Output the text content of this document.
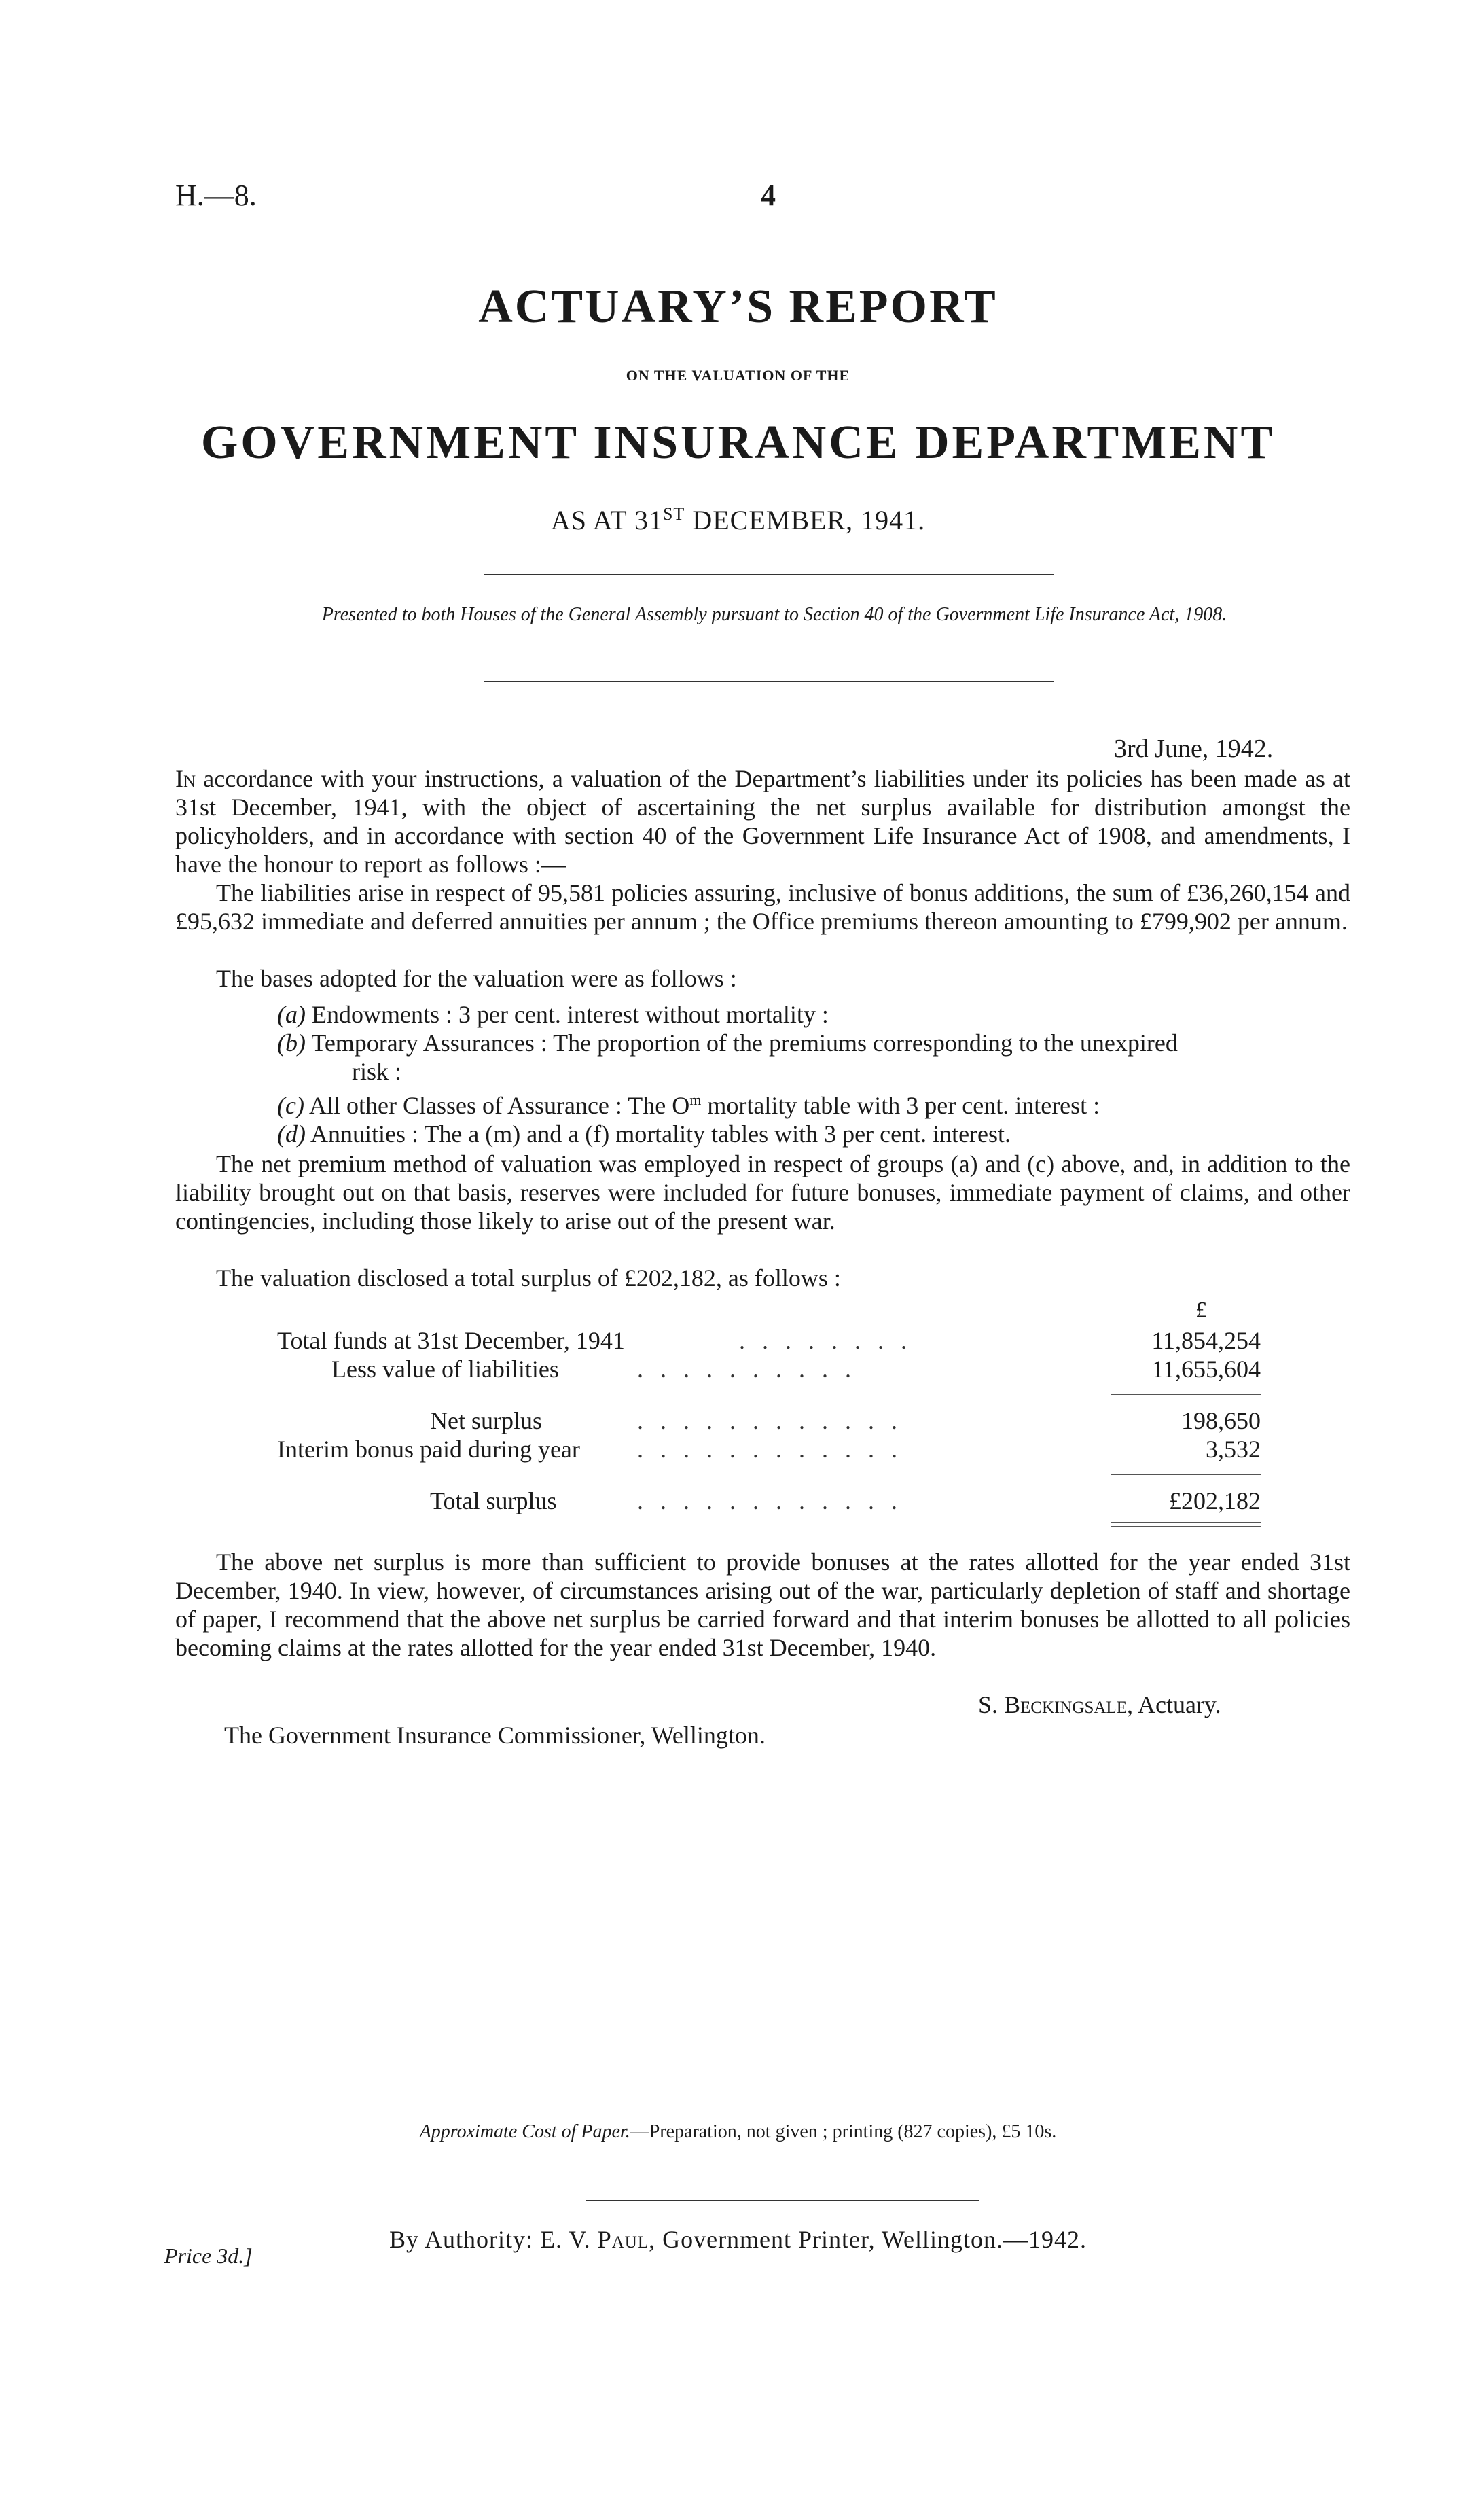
H.—8.	4
ACTUARY’S REPORT
ON THE VALUATION OF THE
GOVERNMENT INSURANCE DEPARTMENT
AS AT 31ST DECEMBER, 1941.
Presented to both Houses of the General Assembly pursuant to Section 40 of the Government Life Insurance Act, 1908.
3rd June, 1942.
In accordance with your instructions, a valuation of the Department’s liabilities under its policies has been made as at 31st December, 1941, with the object of ascertaining the net surplus available for distribution amongst the policyholders, and in accordance with section 40 of the Government Life Insurance Act of 1908, and amendments, I have the honour to report as follows :—
The liabilities arise in respect of 95,581 policies assuring, inclusive of bonus additions, the sum of £36,260,154 and £95,632 immediate and deferred annuities per annum ; the Office premiums thereon amounting to £799,902 per annum.
The bases adopted for the valuation were as follows :
(a) Endowments : 3 per cent. interest without mortality :
(b) Temporary Assurances : The proportion of the premiums corresponding to the unexpired
risk :
(c) All other Classes of Assurance : The $O^m$ mortality table with 3 per cent. interest :
(d) Annuities : The a (m) and a (f) mortality tables with 3 per cent. interest.
The net premium method of valuation was employed in respect of groups (a) and (c) above, and, in addition to the liability brought out on that basis, reserves were included for future bonuses, immediate payment of claims, and other contingencies, including those likely to arise out of the present war.
The valuation disclosed a total surplus of £202,182, as follows :
£
Total funds at 31st December, 1941	. . . . . . . .	11,854,254
Less value of liabilities	. . . . . . . . . .	11,655,604
Net surplus	. . . . . . . . . . . .	198,650
Interim bonus paid during year . . . . . . . . . . . .	3,532
Total surplus	. . . . . . . . . . . .	£202,182
The above net surplus is more than sufficient to provide bonuses at the rates allotted for the year ended 31st December, 1940. In view, however, of circumstances arising out of the war, particularly depletion of staff and shortage of paper, I recommend that the above net surplus be carried forward and that interim bonuses be allotted to all policies becoming claims at the rates allotted for the year ended 31st December, 1940.
S. Beckingsale, Actuary.
The Government Insurance Commissioner, Wellington.
Approximate Cost of Paper.—Preparation, not given ; printing (827 copies), £5 10s.
By Authority: E. V. Paul, Government Printer, Wellington.—1942.
Price 3d.]
